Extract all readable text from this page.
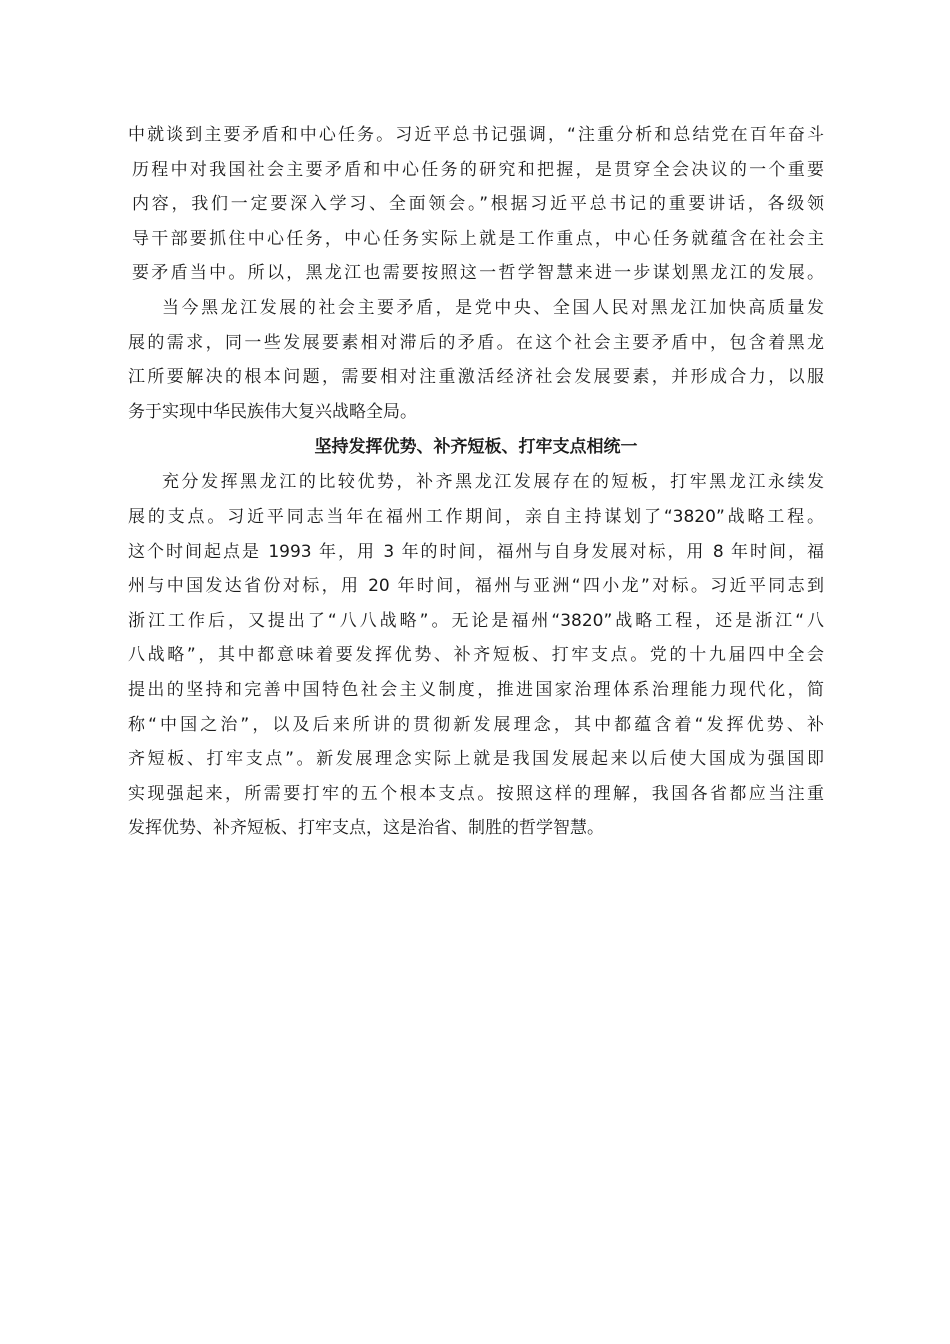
中就谈到主要矛盾和中心任务。习近平总书记强调，“注重分析和总结党在百年奋斗
历程中对我国社会主要矛盾和中心任务的研究和把握，是贯穿全会决议的一个重要
内容，我们一定要深入学习、全面领会。”根据习近平总书记的重要讲话，各级领
导干部要抓住中心任务，中心任务实际上就是工作重点，中心任务就蕴含在社会主
要矛盾当中。所以，黑龙江也需要按照这一哲学智慧来进一步谋划黑龙江的发展。
当今黑龙江发展的社会主要矛盾，是党中央、全国人民对黑龙江加快高质量发
展的需求，同一些发展要素相对滞后的矛盾。在这个社会主要矛盾中，包含着黑龙
江所要解决的根本问题，需要相对注重激活经济社会发展要素，并形成合力，以服
务于实现中华民族伟大复兴战略全局。
坚持发挥优势、补齐短板、打牢支点相统一
充分发挥黑龙江的比较优势，补齐黑龙江发展存在的短板，打牢黑龙江永续发
展的支点。习近平同志当年在福州工作期间，亲自主持谋划了“3820”战略工程。
这个时间起点是 1993 年，用 3 年的时间，福州与自身发展对标，用 8 年时间，福
州与中国发达省份对标，用 20 年时间，福州与亚洲“四小龙”对标。习近平同志到
浙江工作后，又提出了“八八战略”。无论是福州“3820”战略工程，还是浙江“八
八战略”，其中都意味着要发挥优势、补齐短板、打牢支点。党的十九届四中全会
提出的坚持和完善中国特色社会主义制度，推进国家治理体系治理能力现代化，简
称“中国之治”，以及后来所讲的贯彻新发展理念，其中都蕴含着“发挥优势、补
齐短板、打牢支点”。新发展理念实际上就是我国发展起来以后使大国成为强国即
实现强起来，所需要打牢的五个根本支点。按照这样的理解，我国各省都应当注重
发挥优势、补齐短板、打牢支点，这是治省、制胜的哲学智慧。
